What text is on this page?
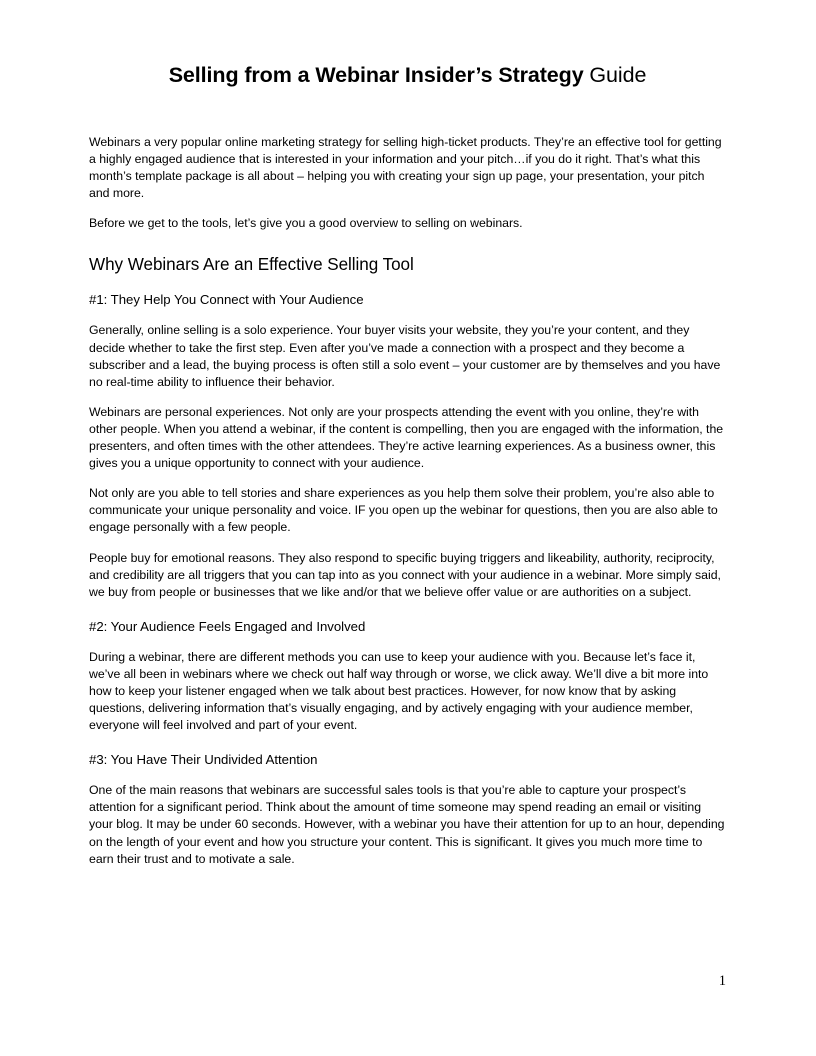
Selling from a Webinar Insider’s Strategy Guide

Webinars a very popular online marketing strategy for selling high-ticket products. They’re an effective tool for getting a highly engaged audience that is interested in your information and your pitch…if you do it right. That’s what this month’s template package is all about – helping you with creating your sign up page, your presentation, your pitch and more.

Before we get to the tools, let’s give you a good overview to selling on webinars.

Why Webinars Are an Effective Selling Tool
#1: They Help You Connect with Your Audience

Generally, online selling is a solo experience. Your buyer visits your website, they you’re your content, and they decide whether to take the first step. Even after you’ve made a connection with a prospect and they become a subscriber and a lead, the buying process is often still a solo event – your customer are by themselves and you have no real-time ability to influence their behavior.

Webinars are personal experiences. Not only are your prospects attending the event with you online, they’re with other people. When you attend a webinar, if the content is compelling, then you are engaged with the information, the presenters, and often times with the other attendees. They’re active learning experiences. As a business owner, this gives you a unique opportunity to connect with your audience.

Not only are you able to tell stories and share experiences as you help them solve their problem, you’re also able to communicate your unique personality and voice. IF you open up the webinar for questions, then you are also able to engage personally with a few people.

People buy for emotional reasons. They also respond to specific buying triggers and likeability, authority, reciprocity, and credibility are all triggers that you can tap into as you connect with your audience in a webinar. More simply said, we buy from people or businesses that we like and/or that we believe offer value or are authorities on a subject.

#2: Your Audience Feels Engaged and Involved

During a webinar, there are different methods you can use to keep your audience with you. Because let’s face it, we’ve all been in webinars where we check out half way through or worse, we click away. We’ll dive a bit more into how to keep your listener engaged when we talk about best practices. However, for now know that by asking questions, delivering information that’s visually engaging, and by actively engaging with your audience member, everyone will feel involved and part of your event.

#3: You Have Their Undivided Attention

One of the main reasons that webinars are successful sales tools is that you’re able to capture your prospect’s attention for a significant period. Think about the amount of time someone may spend reading an email or visiting your blog. It may be under 60 seconds. However, with a webinar you have their attention for up to an hour, depending on the length of your event and how you structure your content. This is significant. It gives you much more time to earn their trust and to motivate a sale.

1
